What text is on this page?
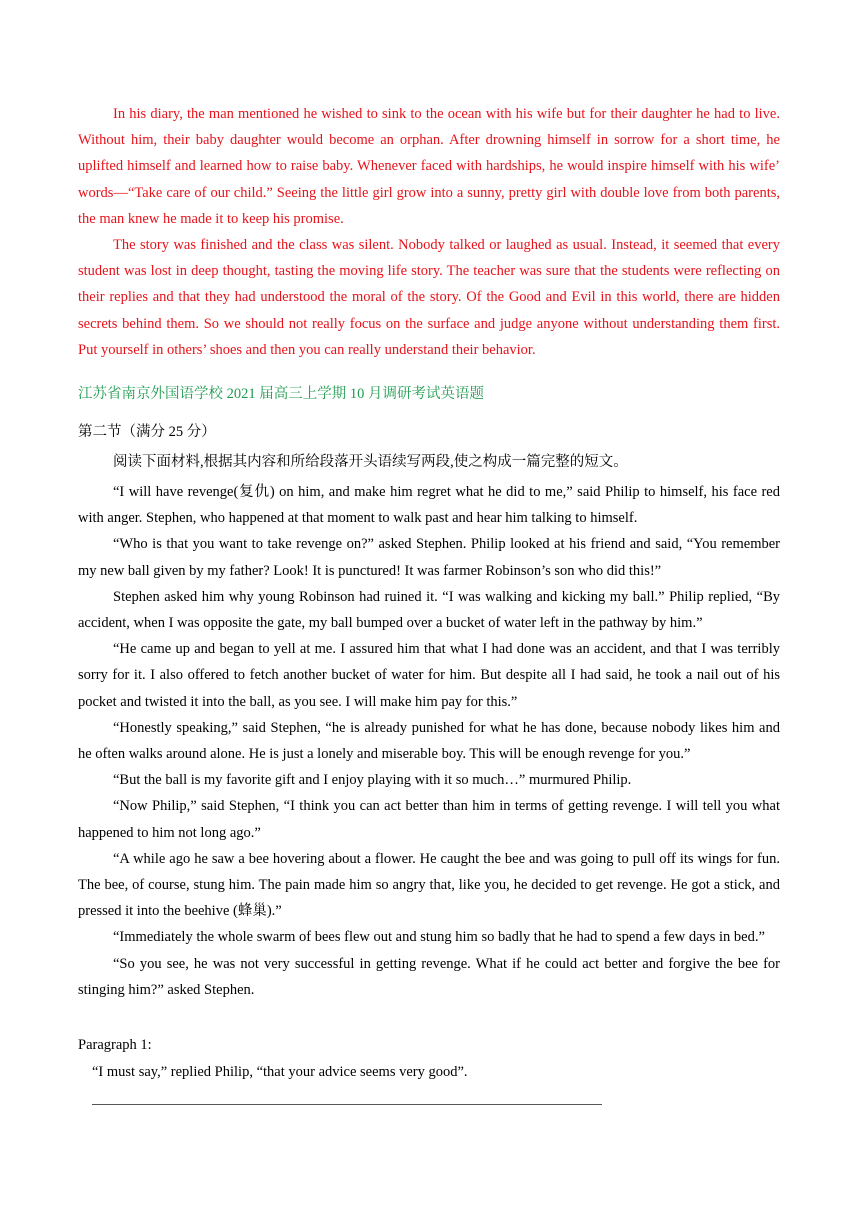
In his diary, the man mentioned he wished to sink to the ocean with his wife but for their daughter he had to live. Without him, their baby daughter would become an orphan. After drowning himself in sorrow for a short time, he uplifted himself and learned how to raise baby. Whenever faced with hardships, he would inspire himself with his wife’ words—“Take care of our child.” Seeing the little girl grow into a sunny, pretty girl with double love from both parents, the man knew he made it to keep his promise.

The story was finished and the class was silent. Nobody talked or laughed as usual. Instead, it seemed that every student was lost in deep thought, tasting the moving life story. The teacher was sure that the students were reflecting on their replies and that they had understood the moral of the story. Of the Good and Evil in this world, there are hidden secrets behind them. So we should not really focus on the surface and judge anyone without understanding them first. Put yourself in others’ shoes and then you can really understand their behavior.

江苏省南京外国语学校 2021 届高三上学期 10 月调研考试英语题
第二节（满分 25 分）
阅读下面材料,根据其内容和所给段落开头语续写两段,使之构成一篇完整的短文。

“I will have revenge(复仇) on him, and make him regret what he did to me,” said Philip to himself, his face red with anger. Stephen, who happened at that moment to walk past and hear him talking to himself.

“Who is that you want to take revenge on?” asked Stephen. Philip looked at his friend and said, “You remember my new ball given by my father? Look! It is punctured! It was farmer Robinson’s son who did this!”

Stephen asked him why young Robinson had ruined it. “I was walking and kicking my ball.” Philip replied, “By accident, when I was opposite the gate, my ball bumped over a bucket of water left in the pathway by him.”

“He came up and began to yell at me. I assured him that what I had done was an accident, and that I was terribly sorry for it. I also offered to fetch another bucket of water for him. But despite all I had said, he took a nail out of his pocket and twisted it into the ball, as you see. I will make him pay for this.”

“Honestly speaking,” said Stephen, “he is already punished for what he has done, because nobody likes him and he often walks around alone. He is just a lonely and miserable boy. This will be enough revenge for you.”

“But the ball is my favorite gift and I enjoy playing with it so much…” murmured Philip.

“Now Philip,” said Stephen, “I think you can act better than him in terms of getting revenge. I will tell you what happened to him not long ago.”

“A while ago he saw a bee hovering about a flower. He caught the bee and was going to pull off its wings for fun. The bee, of course, stung him. The pain made him so angry that, like you, he decided to get revenge. He got a stick, and pressed it into the beehive (蜂巢).”

“Immediately the whole swarm of bees flew out and stung him so badly that he had to spend a few days in bed.”

“So you see, he was not very successful in getting revenge. What if he could act better and forgive the bee for stinging him?” asked Stephen.

Paragraph 1:
“I must say,” replied Philip, “that your advice seems very good”.
